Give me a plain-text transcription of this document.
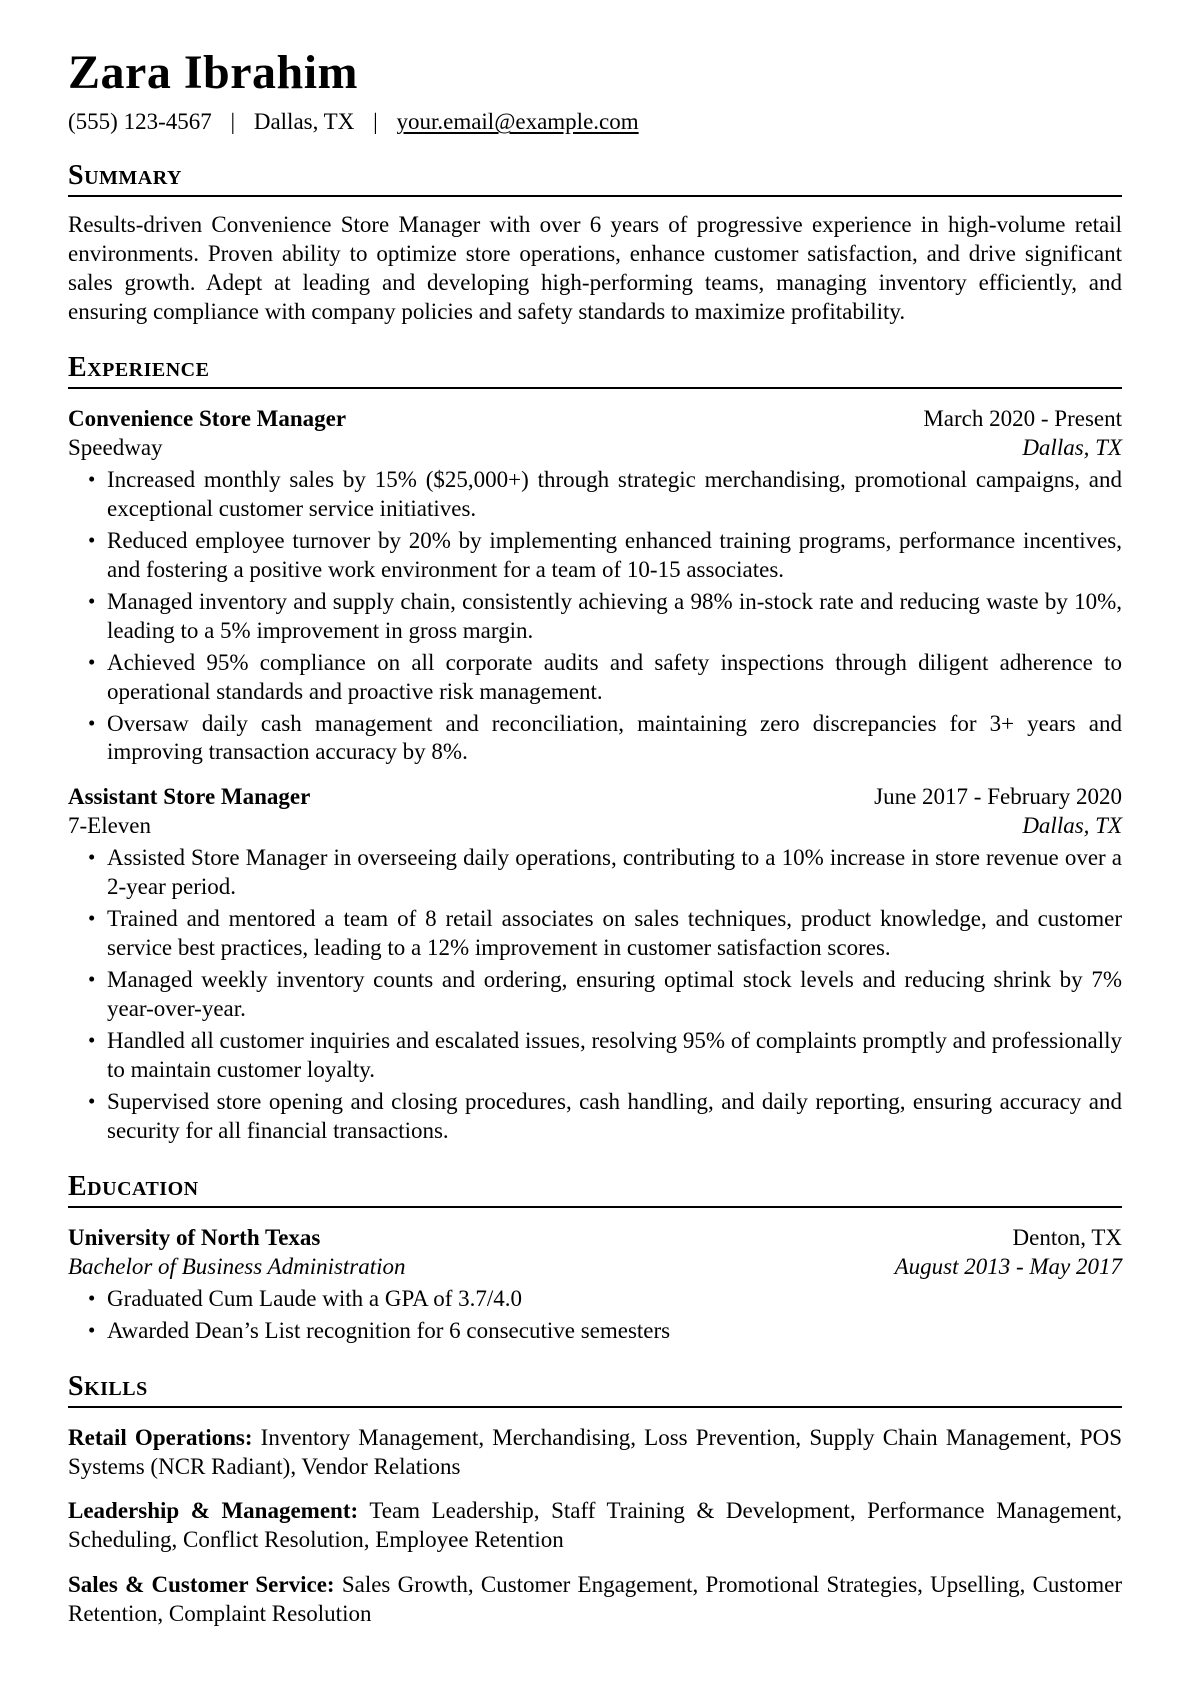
Zara Ibrahim
(555) 123-4567 | Dallas, TX | your.email@example.com
Summary

Results-driven Convenience Store Manager with over 6 years of progressive experience in high-volume retail environments. Proven ability to optimize store operations, enhance customer satisfaction, and drive significant sales growth. Adept at leading and developing high-performing teams, managing inventory efficiently, and ensuring compliance with company policies and safety standards to maximize profitability.

Experience
Convenience Store Manager	March 2020 - Present
Speedway	Dallas, TX
• Increased monthly sales by 15% ($25,000+) through strategic merchandising, promotional campaigns, and exceptional customer service initiatives.
• Reduced employee turnover by 20% by implementing enhanced training programs, performance incentives, and fostering a positive work environment for a team of 10-15 associates.
• Managed inventory and supply chain, consistently achieving a 98% in-stock rate and reducing waste by 10%, leading to a 5% improvement in gross margin.
• Achieved 95% compliance on all corporate audits and safety inspections through diligent adherence to operational standards and proactive risk management.
• Oversaw daily cash management and reconciliation, maintaining zero discrepancies for 3+ years and improving transaction accuracy by 8%.
Assistant Store Manager	June 2017 - February 2020
7-Eleven	Dallas, TX
• Assisted Store Manager in overseeing daily operations, contributing to a 10% increase in store revenue over a 2-year period.
• Trained and mentored a team of 8 retail associates on sales techniques, product knowledge, and customer service best practices, leading to a 12% improvement in customer satisfaction scores.
• Managed weekly inventory counts and ordering, ensuring optimal stock levels and reducing shrink by 7% year-over-year.
• Handled all customer inquiries and escalated issues, resolving 95% of complaints promptly and professionally to maintain customer loyalty.
• Supervised store opening and closing procedures, cash handling, and daily reporting, ensuring accuracy and security for all financial transactions.
Education
University of North Texas	Denton, TX
Bachelor of Business Administration	August 2013 - May 2017
• Graduated Cum Laude with a GPA of 3.7/4.0
• Awarded Dean’s List recognition for 6 consecutive semesters
Skills

Retail Operations: Inventory Management, Merchandising, Loss Prevention, Supply Chain Management, POS Systems (NCR Radiant), Vendor Relations

Leadership & Management: Team Leadership, Staff Training & Development, Performance Management, Scheduling, Conflict Resolution, Employee Retention

Sales & Customer Service: Sales Growth, Customer Engagement, Promotional Strategies, Upselling, Customer Retention, Complaint Resolution
